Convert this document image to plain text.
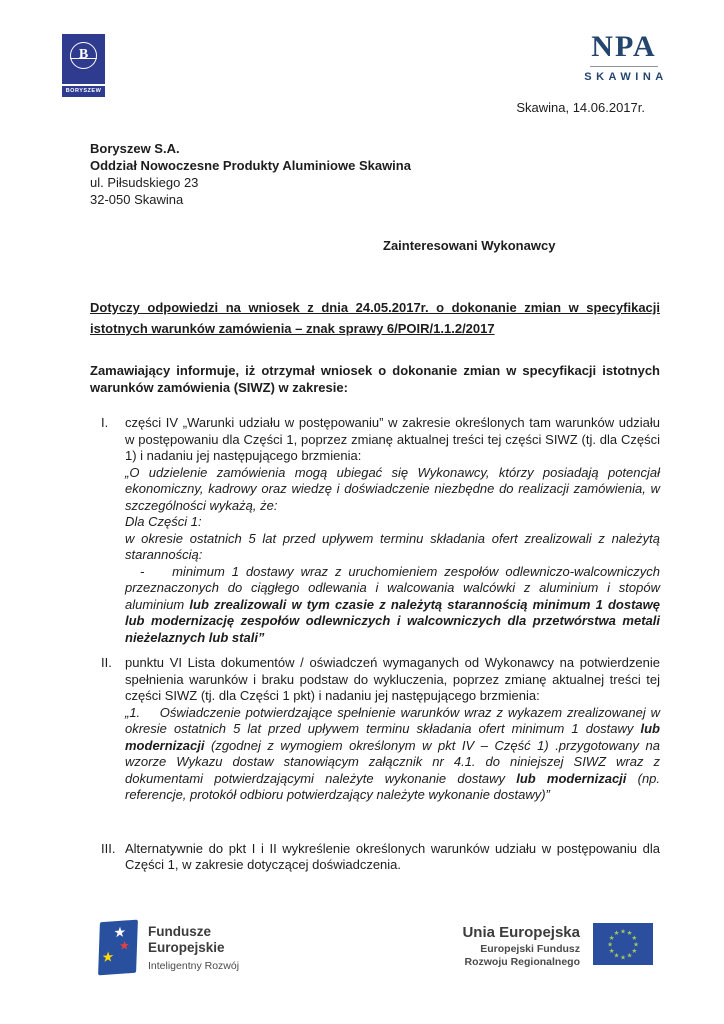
B
BORYSZEW
NPA
SKAWINA
Skawina, 14.06.2017r.
Boryszew S.A.
Oddział Nowoczesne Produkty Aluminiowe Skawina
ul. Piłsudskiego 23
32-050 Skawina
Zainteresowani Wykonawcy
Dotyczy odpowiedzi na wniosek z dnia 24.05.2017r. o dokonanie zmian w specyfikacji istotnych warunków zamówienia – znak sprawy 6/POIR/1.1.2/2017
Zamawiający informuje, iż otrzymał wniosek o dokonanie zmian w specyfikacji istotnych warunków zamówienia (SIWZ) w zakresie:
I.	części IV „Warunki udziału w postępowaniu” w zakresie określonych tam warunków udziału w postępowaniu dla Części 1, poprzez zmianę aktualnej treści tej części SIWZ (tj. dla Części 1) i nadaniu jej następującego brzmienia:

„O udzielenie zamówienia mogą ubiegać się Wykonawcy, którzy posiadają potencjał ekonomiczny, kadrowy oraz wiedzę i doświadczenie niezbędne do realizacji zamówienia, w szczególności wykażą, że:

Dla Części 1:

w okresie ostatnich 5 lat przed upływem terminu składania ofert zrealizowali z należytą starannością:

-    minimum 1 dostawy wraz z uruchomieniem zespołów odlewniczo-walcowniczych przeznaczonych do ciągłego odlewania i walcowania walcówki z aluminium i stopów aluminium lub zrealizowali w tym czasie z należytą starannością minimum 1 dostawę lub modernizację zespołów odlewniczych i walcowniczych dla przetwórstwa metali nieżelaznych lub stali”

II.	punktu VI Lista dokumentów / oświadczeń wymaganych od Wykonawcy na potwierdzenie spełnienia warunków i braku podstaw do wykluczenia, poprzez zmianę aktualnej treści tej części SIWZ (tj. dla Części 1 pkt) i nadaniu jej następującego brzmienia:

„1.    Oświadczenie potwierdzające spełnienie warunków wraz z wykazem zrealizowanej w okresie ostatnich 5 lat przed upływem terminu składania ofert minimum 1 dostawy lub modernizacji (zgodnej z wymogiem określonym w pkt IV – Część 1) .przygotowany na wzorze Wykazu dostaw stanowiącym załącznik nr 4.1. do niniejszej SIWZ wraz z dokumentami potwierdzającymi należyte wykonanie dostawy lub modernizacji (np. referencje, protokół odbioru potwierdzający należyte wykonanie dostawy)”

III. Alternatywnie do pkt I i II wykreślenie określonych warunków udziału w postępowaniu dla Części 1, w zakresie dotyczącej doświadczenia.

★
★
★
Fundusze
Europejskie
Inteligentny Rozwój
Unia Europejska
Europejski Fundusz
Rozwoju Regionalnego
★ ★
★
★
★
★
★
★
★
★
★
★
